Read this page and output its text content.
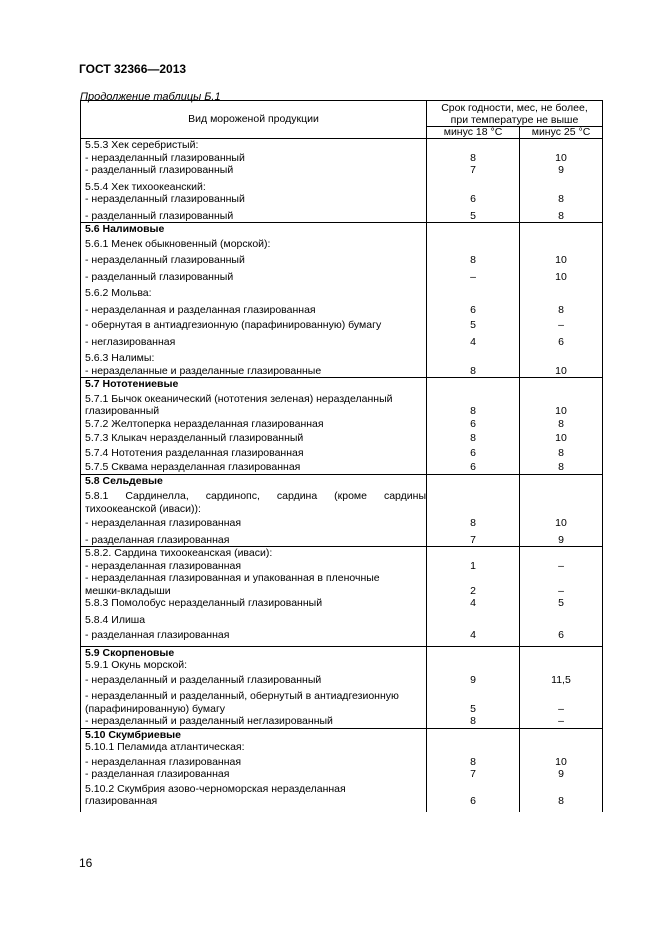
ГОСТ 32366—2013
Продолжение таблицы Б.1
Вид мороженой продукции	Срок годности, мес, не более,
при температуре не выше	

	минус 18 °С	минус 25 °С

5.5.3 Хек серебристый:		

- неразделанный глазированный	8	10

- разделанный глазированный	7	9

5.5.4 Хек тихоокеанский:		

- неразделанный глазированный	6	8

- разделанный глазированный	5	8

5.6 Налимовые		

5.6.1 Менек обыкновенный (морской):		

- неразделанный глазированный	8	10

- разделанный глазированный	–	10

5.6.2 Мольва:		

- неразделанная и разделанная глазированная	6	8

- обернутая в антиадгезионную (парафинированную) бумагу	5	–

- неглазированная	4	6

5.6.3 Налимы:		

- неразделанные и разделанные глазированные	8	10

5.7 Нототениевые		

5.7.1 Бычок океанический (нототения зеленая) неразделанный		

глазированный	8	10

5.7.2 Желтоперка неразделанная глазированная	6	8

5.7.3 Клыкач неразделанный глазированный	8	10

5.7.4 Нототения разделанная глазированная	6	8

5.7.5 Сквама неразделанная глазированная	6	8

5.8 Сельдевые		

5.8.1 Сардинелла, сардинопс, сардина (кроме сардины		

тихоокеанской (иваси)):		

- неразделанная глазированная	8	10

- разделанная глазированная	7	9

5.8.2. Сардина тихоокеанская (иваси):		

- неразделанная глазированная	1	–

- неразделанная глазированная и упакованная в пленочные		

мешки-вкладыши	2	–

5.8.3 Помолобус неразделанный глазированный	4	5

5.8.4 Илиша		

- разделанная глазированная	4	6

5.9 Скорпеновые		

5.9.1 Окунь морской:		

- неразделанный и разделанный глазированный	9	11,5

- неразделанный и разделанный, обернутый в антиадгезионную		

(парафинированную) бумагу	5	–

- неразделанный и разделанный неглазированный	8	–

5.10 Скумбриевые		

5.10.1 Пеламида атлантическая:		

- неразделанная глазированная	8	10

- разделанная глазированная	7	9

5.10.2 Скумбрия азово-черноморская неразделанная		

глазированная	6	8
16
